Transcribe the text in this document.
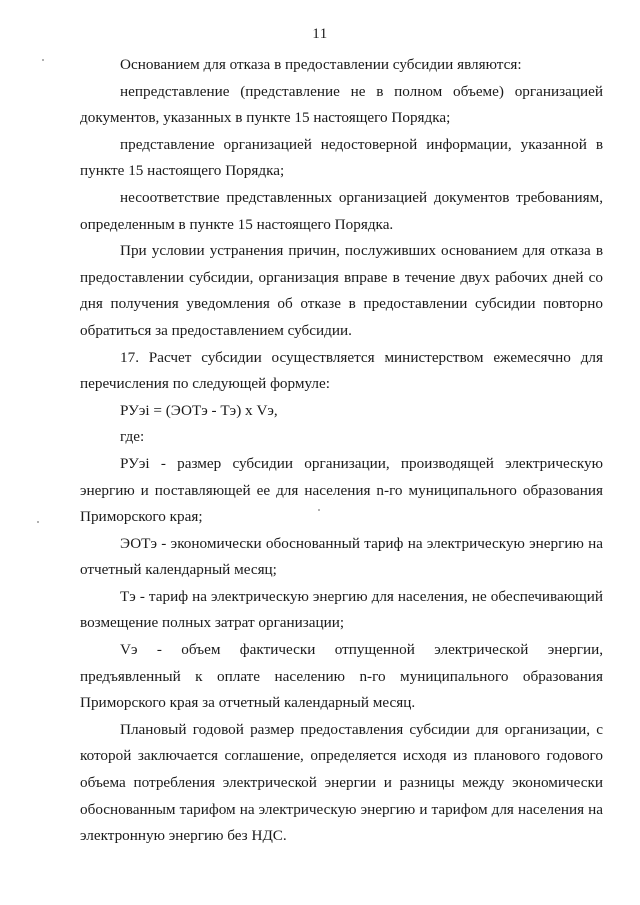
11

Основанием для отказа в предоставлении субсидии являются:

непредставление (представление не в полном объеме) организацией документов, указанных в пункте 15 настоящего Порядка;

представление организацией недостоверной информации, указанной в пункте 15 настоящего Порядка;

несоответствие представленных организацией документов требованиям, определенным в пункте 15 настоящего Порядка.

При условии устранения причин, послуживших основанием для отказа в предоставлении субсидии, организация вправе в течение двух рабочих дней со дня получения уведомления об отказе в предоставлении субсидии повторно обратиться за предоставлением субсидии.

17. Расчет субсидии осуществляется министерством ежемесячно для перечисления по следующей формуле:

РУэi = (ЭОТэ - Тэ) х Vэ,

где:

РУэi - размер субсидии организации, производящей электрическую энергию и поставляющей ее для населения n-го муниципального образования Приморского края;

ЭОТэ - экономически обоснованный тариф на электрическую энергию на отчетный календарный месяц;

Тэ - тариф на электрическую энергию для населения, не обеспечивающий возмещение полных затрат организации;

Vэ - объем фактически отпущенной электрической энергии, предъявленный к оплате населению n-го муниципального образования Приморского края за отчетный календарный месяц.

Плановый годовой размер предоставления субсидии для организации, с которой заключается соглашение, определяется исходя из планового годового объема потребления электрической энергии и разницы между экономически обоснованным тарифом на электрическую энергию и тарифом для населения на электронную энергию без НДС.
